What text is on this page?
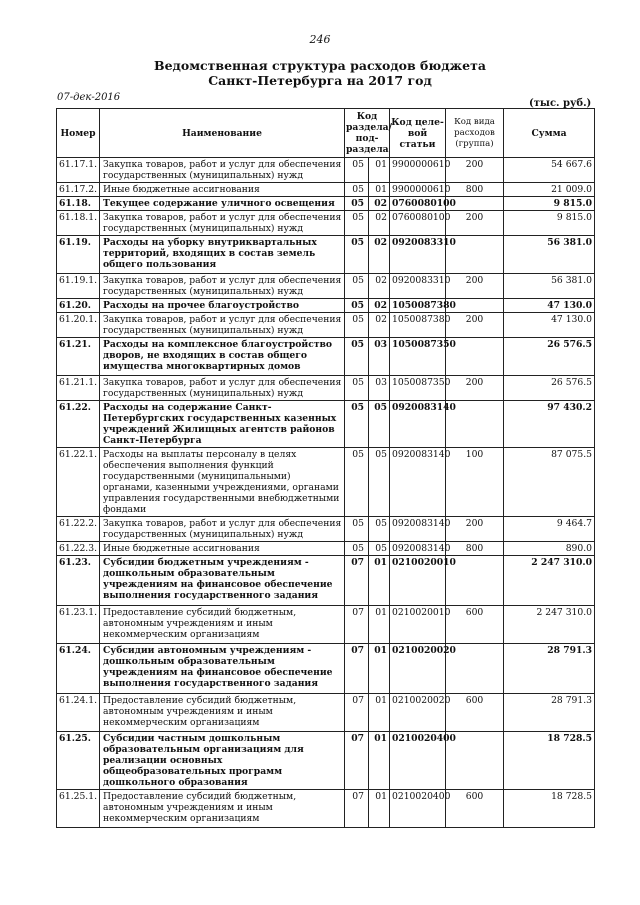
246
Ведомственная структура расходов бюджета
Санкт-Петербурга на 2017 год
07-дек-2016
(тыс. руб.)
Номер	Наименование	Код раздела/ под-раздела		Код целе-вой статьи	Код вида расходов (группа)	Сумма
61.17.1.	Закупка товаров, работ и услуг для обеспечения государственных (муниципальных) нужд	05	01	9900000610	200	54 667.6
61.17.2.	Иные бюджетные ассигнования	05	01	9900000610	800	21 009.0
61.18.	Текущее содержание уличного освещения	05	02	0760080100		9 815.0
61.18.1.	Закупка товаров, работ и услуг для обеспечения государственных (муниципальных) нужд	05	02	0760080100	200	9 815.0
61.19.	Расходы на уборку внутриквартальных территорий, входящих в состав земель общего пользования	05	02	0920083310		56 381.0
61.19.1.	Закупка товаров, работ и услуг для обеспечения государственных (муниципальных) нужд	05	02	0920083310	200	56 381.0
61.20.	Расходы на прочее благоустройство	05	02	1050087380		47 130.0
61.20.1.	Закупка товаров, работ и услуг для обеспечения государственных (муниципальных) нужд	05	02	1050087380	200	47 130.0
61.21.	Расходы на комплексное благоустройство дворов, не входящих в состав общего имущества многоквартирных домов	05	03	1050087350		26 576.5
61.21.1.	Закупка товаров, работ и услуг для обеспечения государственных (муниципальных) нужд	05	03	1050087350	200	26 576.5
61.22.	Расходы на содержание Санкт-Петербургских государственных казенных учреждений Жилищных агентств районов Санкт-Петербурга	05	05	0920083140		97 430.2
61.22.1.	Расходы на выплаты персоналу в целях обеспечения выполнения функций государственными (муниципальными) органами, казенными учреждениями, органами управления государственными внебюджетными фондами	05	05	0920083140	100	87 075.5
61.22.2.	Закупка товаров, работ и услуг для обеспечения государственных (муниципальных) нужд	05	05	0920083140	200	9 464.7
61.22.3.	Иные бюджетные ассигнования	05	05	0920083140	800	890.0
61.23.	Субсидии бюджетным учреждениям - дошкольным образовательным учреждениям на финансовое обеспечение выполнения государственного задания	07	01	0210020010		2 247 310.0
61.23.1.	Предоставление субсидий бюджетным, автономным учреждениям и иным некоммерческим организациям	07	01	0210020010	600	2 247 310.0
61.24.	Субсидии автономным учреждениям - дошкольным образовательным учреждениям на финансовое обеспечение выполнения государственного задания	07	01	0210020020		28 791.3
61.24.1.	Предоставление субсидий бюджетным, автономным учреждениям и иным некоммерческим организациям	07	01	0210020020	600	28 791.3
61.25.	Субсидии частным дошкольным образовательным организациям для реализации основных общеобразовательных программ дошкольного образования	07	01	0210020400		18 728.5
61.25.1.	Предоставление субсидий бюджетным, автономным учреждениям и иным некоммерческим организациям	07	01	0210020400	600	18 728.5
